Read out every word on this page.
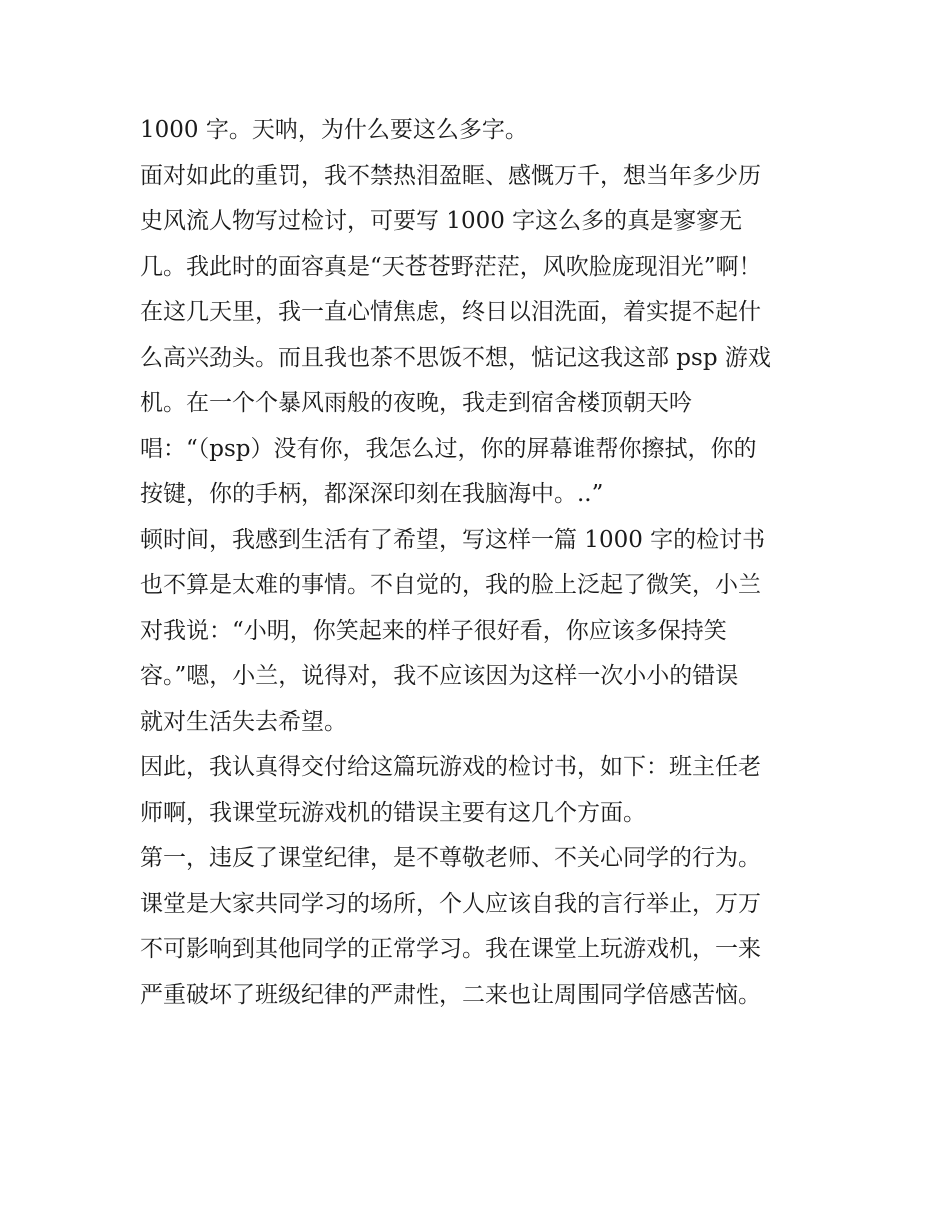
1000 字。天呐，为什么要这么多字。
面对如此的重罚，我不禁热泪盈眶、感慨万千，想当年多少历
史风流人物写过检讨，可要写 1000 字这么多的真是寥寥无
几。我此时的面容真是“天苍苍野茫茫，风吹脸庞现泪光”啊！
在这几天里，我一直心情焦虑，终日以泪洗面，着实提不起什
么高兴劲头。而且我也茶不思饭不想，惦记这我这部 psp 游戏
机。在一个个暴风雨般的夜晚，我走到宿舍楼顶朝天吟
唱：“（psp）没有你，我怎么过，你的屏幕谁帮你擦拭，你的
按键，你的手柄，都深深印刻在我脑海中。..”
顿时间，我感到生活有了希望，写这样一篇 1000 字的检讨书
也不算是太难的事情。不自觉的，我的脸上泛起了微笑，小兰
对我说：“小明，你笑起来的样子很好看，你应该多保持笑
容。”嗯，小兰，说得对，我不应该因为这样一次小小的错误
就对生活失去希望。
因此，我认真得交付给这篇玩游戏的检讨书，如下：班主任老
师啊，我课堂玩游戏机的错误主要有这几个方面。
第一，违反了课堂纪律，是不尊敬老师、不关心同学的行为。
课堂是大家共同学习的场所，个人应该自我的言行举止，万万
不可影响到其他同学的正常学习。我在课堂上玩游戏机，一来
严重破坏了班级纪律的严肃性，二来也让周围同学倍感苦恼。
